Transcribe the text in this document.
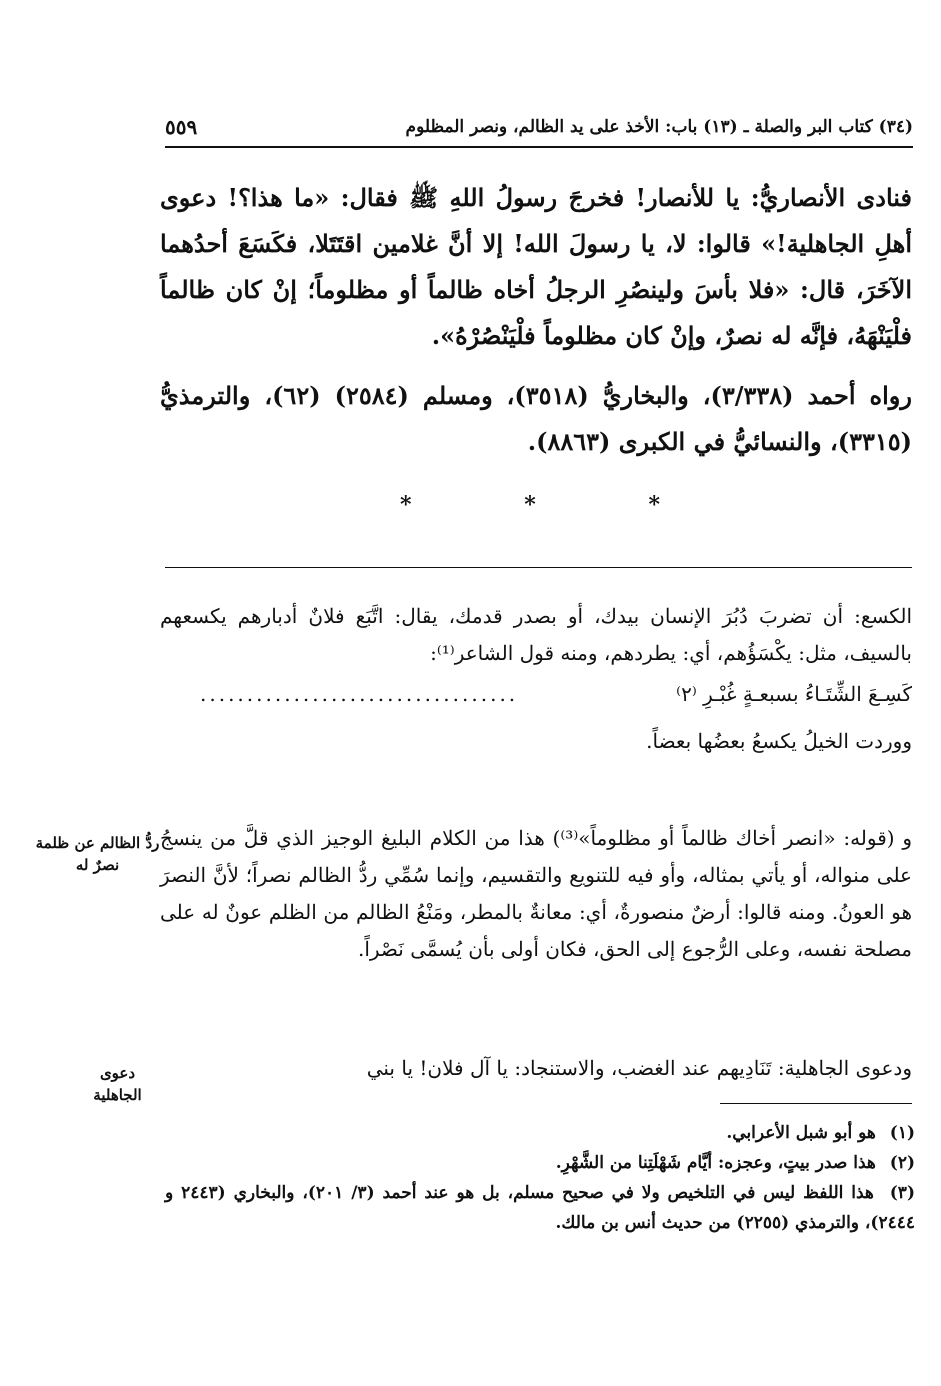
(٣٤) كتاب البر والصلة ـ (١٣) باب: الأخذ على يد الظالم، ونصر المظلوم
٥٥٩

فنادى الأنصاريُّ: يا للأنصار! فخرجَ رسولُ اللهِ ﷺ فقال: «ما هذا؟! دعوى أهلِ الجاهلية!» قالوا: لا، يا رسولَ الله! إلا أنَّ غلامين اقتَتَلا، فكَسَعَ أحدُهما الآخَرَ، قال: «فلا بأسَ ولينصُرِ الرجلُ أخاه ظالماً أو مظلوماً؛ إنْ كان ظالماً فلْيَنْهَهُ، فإنَّه له نصرٌ، وإنْ كان مظلوماً فلْيَنْصُرْهُ».

رواه أحمد (٣/٣٣٨)، والبخاريُّ (٣٥١٨)، ومسلم (٢٥٨٤) (٦٢)، والترمذيُّ (٣٣١٥)، والنسائيُّ في الكبرى (٨٨٦٣).

*	*	*

الكسع: أن تضربَ دُبُرَ الإنسان بيدك، أو بصدر قدمك، يقال: اتَّبَع فلانٌ أدبارهم يكسعهم بالسيف، مثل: يكْسَؤُهم، أي: يطردهم، ومنه قول الشاعر⁽¹⁾:

كَسِـعَ الشِّتَـاءُ بسبعـةٍ غُبْـرِ ⁽٢⁾
..................................

ووردت الخيلُ يكسعُ بعضُها بعضاً.

و (قوله: «انصر أخاك ظالماً أو مظلوماً»⁽³⁾) هذا من الكلام البليغ الوجيز الذي قلَّ من ينسجُ على منواله، أو يأتي بمثاله، وأو فيه للتنويع والتقسيم، وإنما سُمِّي ردُّ الظالم نصراً؛ لأنَّ النصرَ هو العونُ. ومنه قالوا: أرضٌ منصورةٌ، أي: معانةٌ بالمطر، ومَنْعُ الظالم من الظلم عونٌ له على مصلحة نفسه، وعلى الرُّجوع إلى الحق، فكان أولى بأن يُسمَّى نَصْراً.

ردُّ الظالم عن ظلمة نصرٌ له

ودعوى الجاهلية: تَنَادِيهم عند الغضب، والاستنجاد: يا آل فلان! يا بني

دعوى الجاهلية

(١) هو أبو شبل الأعرابي.

(٢) هذا صدر بيتٍ، وعجزه: أيَّام شَهْلَتِنا من الشَّهْرِ.

(٣) هذا اللفظ ليس في التلخيص ولا في صحيح مسلم، بل هو عند أحمد (٣/ ٢٠١)، والبخاري (٢٤٤٣ و ٢٤٤٤)، والترمذي (٢٢٥٥) من حديث أنس بن مالك.
